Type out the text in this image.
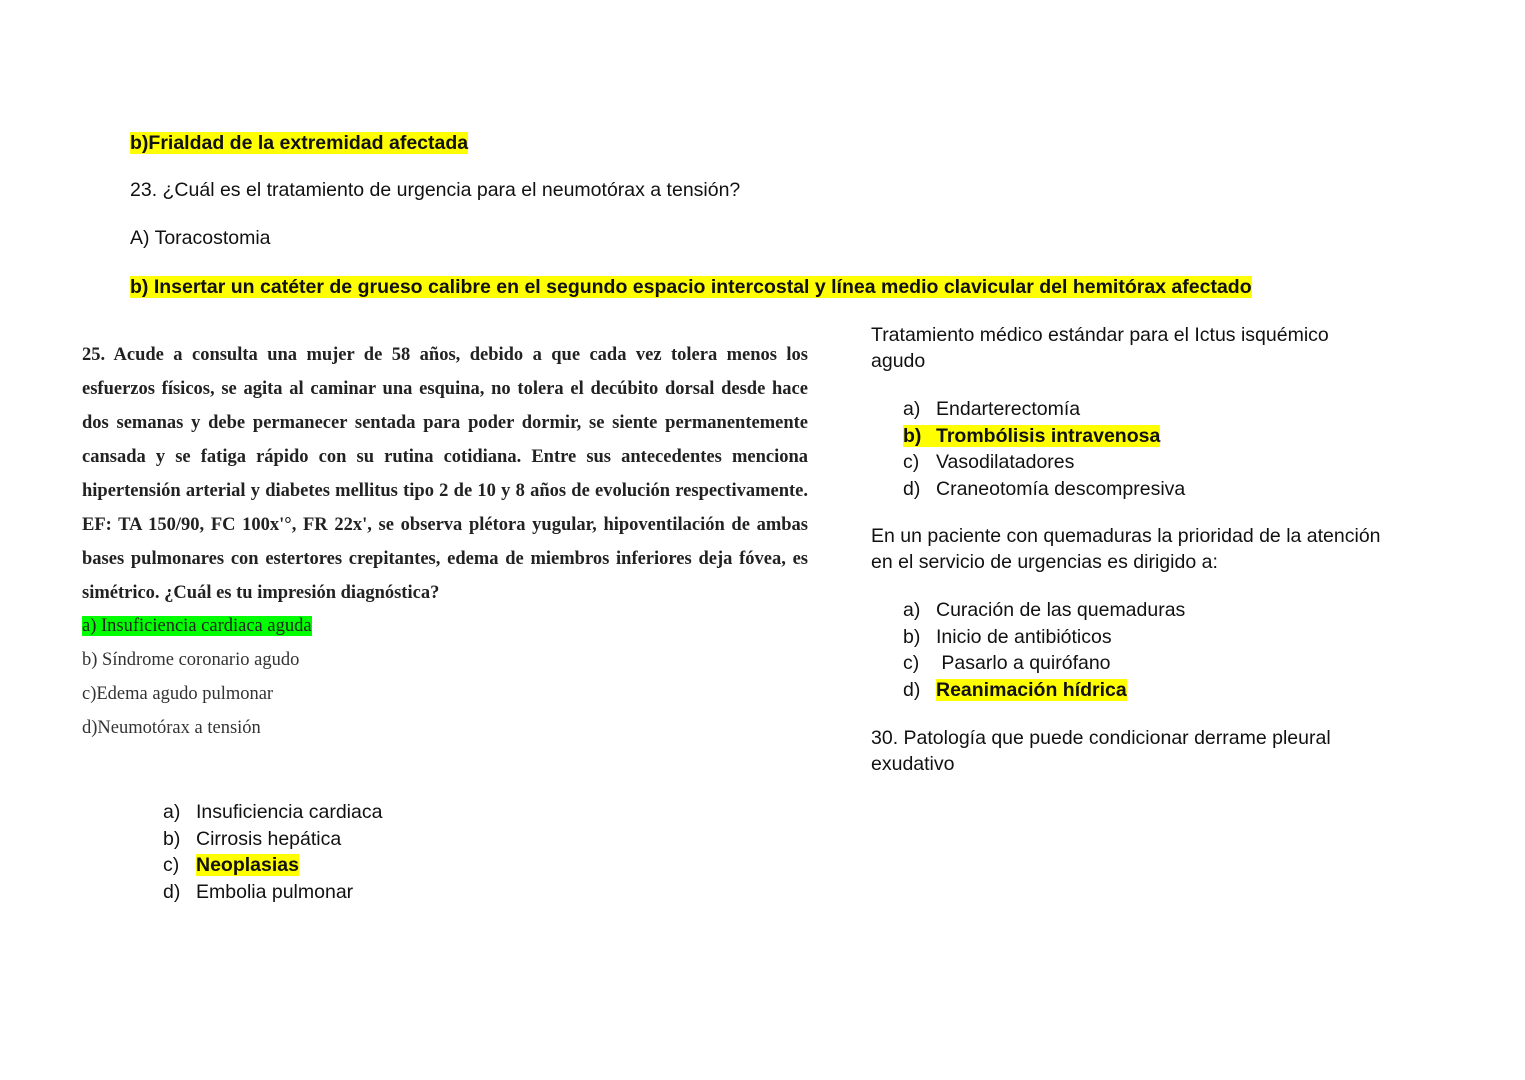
b)Frialdad de la extremidad afectada
23. ¿Cuál es el tratamiento de urgencia para el neumotórax a tensión?
A) Toracostomia
b) Insertar un catéter de grueso calibre en el segundo espacio intercostal y línea medio clavicular del hemitórax afectado
25. Acude a consulta una mujer de 58 años, debido a que cada vez tolera menos los esfuerzos físicos, se agita al caminar una esquina, no tolera el decúbito dorsal desde hace dos semanas y debe permanecer sentada para poder dormir, se siente permanentemente cansada y se fatiga rápido con su rutina cotidiana. Entre sus antecedentes menciona hipertensión arterial y diabetes mellitus tipo 2 de 10 y 8 años de evolución respectivamente. EF: TA 150/90, FC 100x'°, FR 22x', se observa plétora yugular, hipoventilación de ambas bases pulmonares con estertores crepitantes, edema de miembros inferiores deja fóvea, es simétrico. ¿Cuál es tu impresión diagnóstica?
a) Insuficiencia cardiaca aguda
b) Síndrome coronario agudo
c)Edema agudo pulmonar
d)Neumotórax a tensión
Tratamiento médico estándar para el Ictus isquémico
agudo
a) Endarterectomía
b) Trombólisis intravenosa
c) Vasodilatadores
d) Craneotomía descompresiva
En un paciente con quemaduras la prioridad de la atención
en el servicio de urgencias es dirigido a:
a) Curación de las quemaduras
b) Inicio de antibióticos
c) Pasarlo a quirófano
d) Reanimación hídrica
30. Patología que puede condicionar derrame pleural
exudativo
a) Insuficiencia cardiaca
b) Cirrosis hepática
c) Neoplasias
d) Embolia pulmonar
